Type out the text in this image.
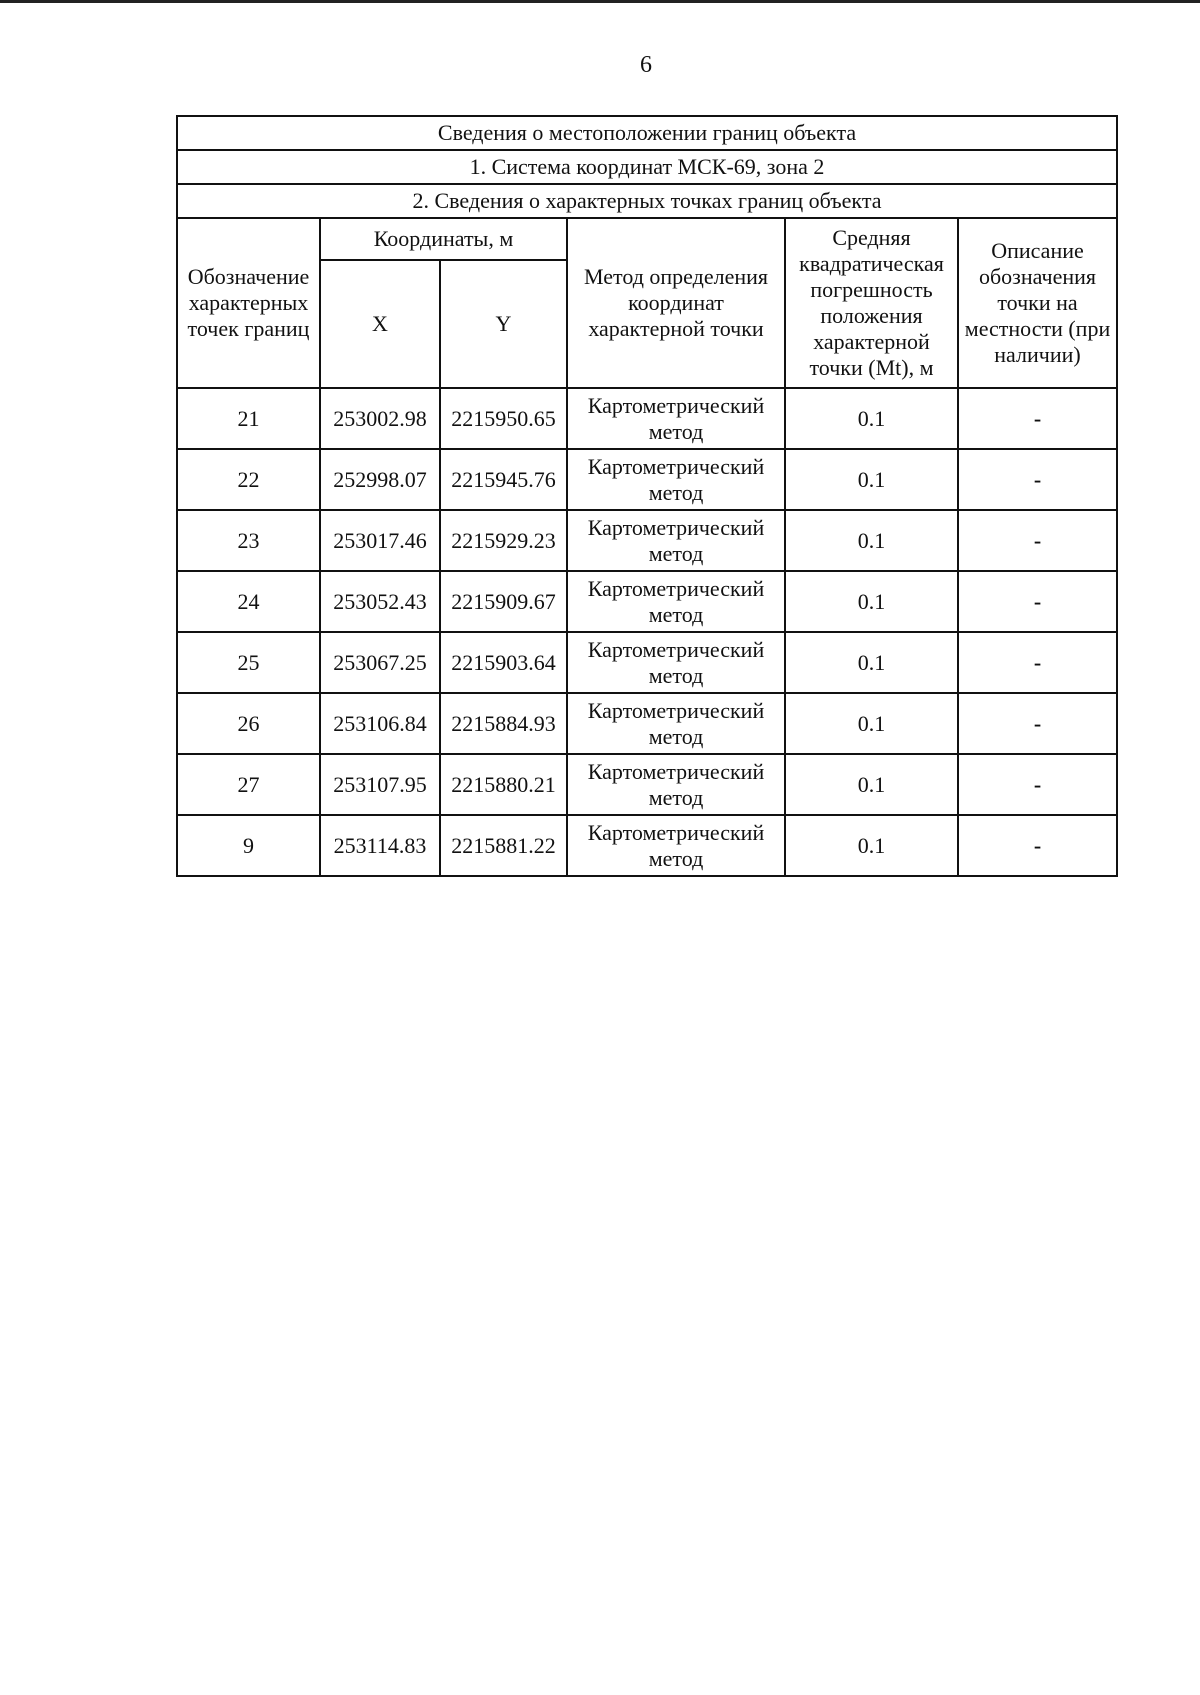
6
Сведения о местоположении границ объекта					
1. Система координат МСК-69, зона 2					
2. Сведения о характерных точках границ объекта					
Обозначение характерных точек границ	Координаты, м		Метод определения координат характерной точки	Средняя квадратическая погрешность положения характерной точки (Mt), м	Описание обозначения точки на местности (при наличии)
	X	Y			
21	253002.98	2215950.65	Картометрический метод	0.1	-
22	252998.07	2215945.76	Картометрический метод	0.1	-
23	253017.46	2215929.23	Картометрический метод	0.1	-
24	253052.43	2215909.67	Картометрический метод	0.1	-
25	253067.25	2215903.64	Картометрический метод	0.1	-
26	253106.84	2215884.93	Картометрический метод	0.1	-
27	253107.95	2215880.21	Картометрический метод	0.1	-
9	253114.83	2215881.22	Картометрический метод	0.1	-
